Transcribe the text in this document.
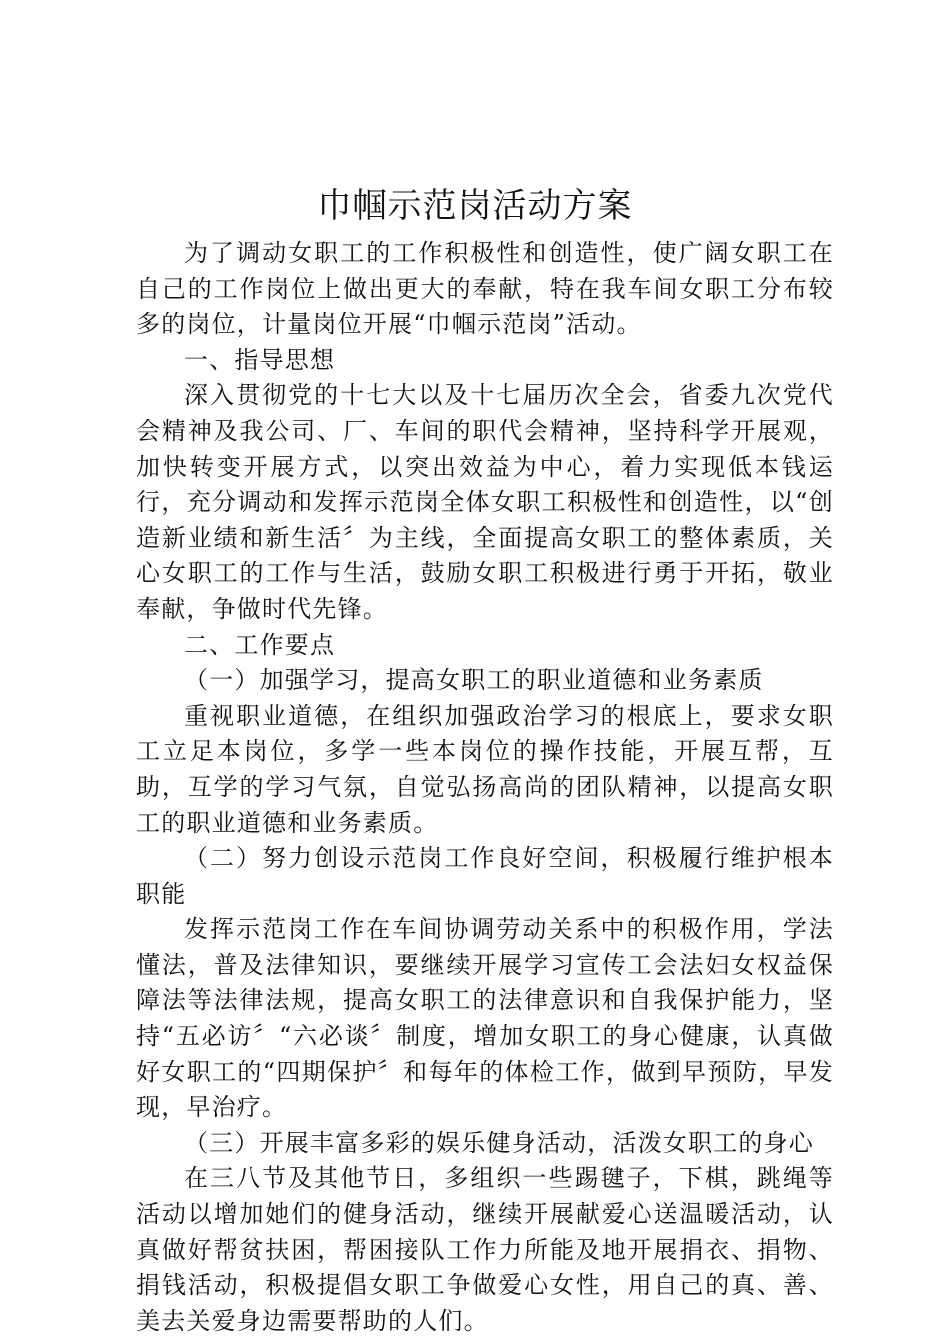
巾帼示范岗活动方案

为了调动女职工的工作积极性和创造性，使广阔女职工在自己的工作岗位上做出更大的奉献，特在我车间女职工分布较多的岗位，计量岗位开展“巾帼示范岗”活动。

一、指导思想

深入贯彻党的十七大以及十七届历次全会，省委九次党代会精神及我公司、厂、车间的职代会精神，坚持科学开展观，加快转变开展方式，以突出效益为中心，着力实现低本钱运行，充分调动和发挥示范岗全体女职工积极性和创造性，以“创造新业绩和新生活〞为主线，全面提高女职工的整体素质，关心女职工的工作与生活，鼓励女职工积极进行勇于开拓，敬业奉献，争做时代先锋。

二、工作要点

（一）加强学习，提高女职工的职业道德和业务素质

重视职业道德，在组织加强政治学习的根底上，要求女职工立足本岗位，多学一些本岗位的操作技能，开展互帮，互助，互学的学习气氛，自觉弘扬高尚的团队精神，以提高女职工的职业道德和业务素质。

（二）努力创设示范岗工作良好空间，积极履行维护根本职能

发挥示范岗工作在车间协调劳动关系中的积极作用，学法懂法，普及法律知识，要继续开展学习宣传工会法妇女权益保障法等法律法规，提高女职工的法律意识和自我保护能力，坚持“五必访〞“六必谈〞制度，增加女职工的身心健康，认真做好女职工的“四期保护〞和每年的体检工作，做到早预防，早发现，早治疗。

（三）开展丰富多彩的娱乐健身活动，活泼女职工的身心

在三八节及其他节日，多组织一些踢毽子，下棋，跳绳等活动以增加她们的健身活动，继续开展献爱心送温暖活动，认真做好帮贫扶困，帮困接队工作力所能及地开展捐衣、捐物、捐钱活动，积极提倡女职工争做爱心女性，用自己的真、善、美去关爱身边需要帮助的人们。
